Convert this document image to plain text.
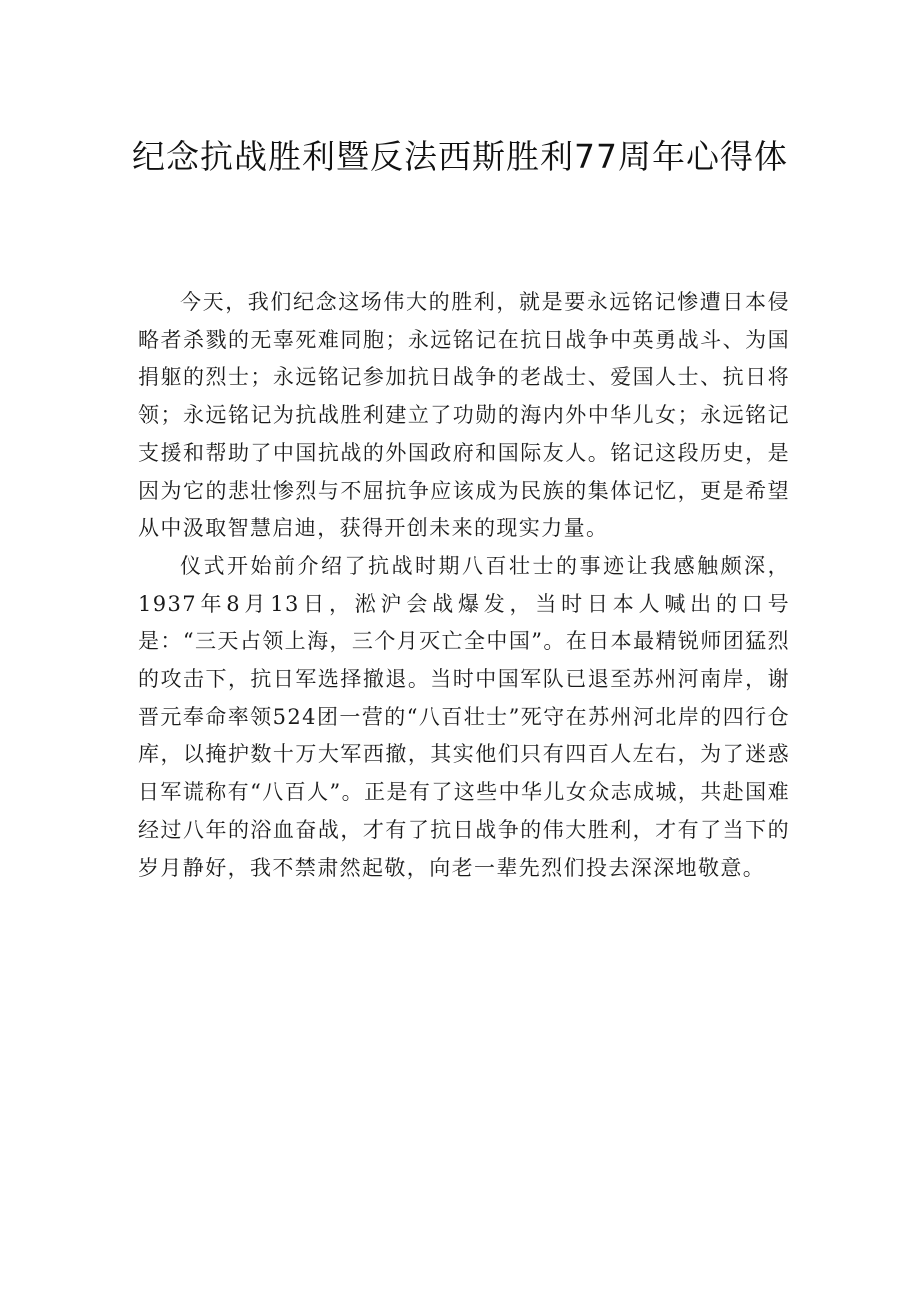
纪念抗战胜利暨反法西斯胜利77周年心得体

今天，我们纪念这场伟大的胜利，就是要永远铭记惨遭日本侵略者杀戮的无辜死难同胞；永远铭记在抗日战争中英勇战斗、为国捐躯的烈士；永远铭记参加抗日战争的老战士、爱国人士、抗日将领；永远铭记为抗战胜利建立了功勋的海内外中华儿女；永远铭记支援和帮助了中国抗战的外国政府和国际友人。铭记这段历史，是因为它的悲壮惨烈与不屈抗争应该成为民族的集体记忆，更是希望从中汲取智慧启迪，获得开创未来的现实力量。

仪式开始前介绍了抗战时期八百壮士的事迹让我感触颇深，1937年8月13日，淞沪会战爆发，当时日本人喊出的口号是：“三天占领上海，三个月灭亡全中国”。在日本最精锐师团猛烈的攻击下，抗日军选择撤退。当时中国军队已退至苏州河南岸，谢晋元奉命率领524团一营的“八百壮士”死守在苏州河北岸的四行仓库，以掩护数十万大军西撤，其实他们只有四百人左右，为了迷惑日军谎称有“八百人”。正是有了这些中华儿女众志成城，共赴国难经过八年的浴血奋战，才有了抗日战争的伟大胜利，才有了当下的岁月静好，我不禁肃然起敬，向老一辈先烈们投去深深地敬意。
